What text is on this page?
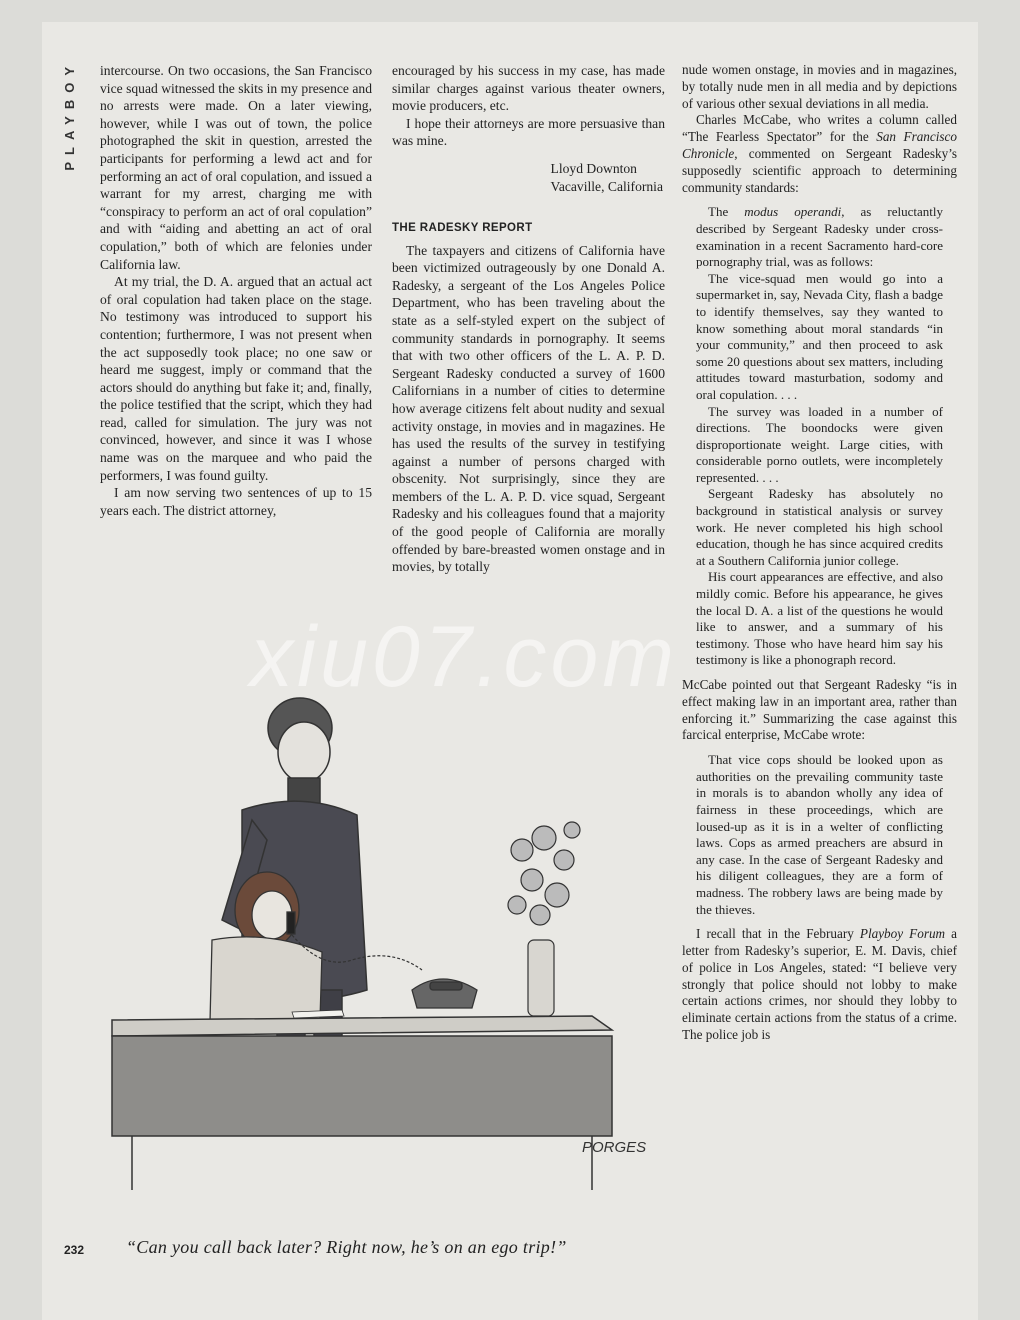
PLAYBOY	intercourse. On two occasions, the San Francisco vice squad witnessed the skits in my presence and no arrests were made. On a later viewing, however, while I was out of town, the police photographed the skit in question, arrested the participants for performing a lewd act and for performing an act of oral copulation, and issued a warrant for my arrest, charging me with “conspiracy to perform an act of oral copulation” and with “aiding and abetting an act of oral copulation,” both of which are felonies under California law.

At my trial, the D. A. argued that an actual act of oral copulation had taken place on the stage. No testimony was introduced to support his contention; furthermore, I was not present when the act supposedly took place; no one saw or heard me suggest, imply or command that the actors should do anything but fake it; and, finally, the police testified that the script, which they had read, called for simulation. The jury was not convinced, however, and since it was I whose name was on the marquee and who paid the performers, I was found guilty.

I am now serving two sentences of up to 15 years each. The district attorney,

encouraged by his success in my case, has made similar charges against various theater owners, movie producers, etc.

I hope their attorneys are more persuasive than was mine.

Lloyd Downton
Vacaville, California
THE RADESKY REPORT

The taxpayers and citizens of California have been victimized outrageously by one Donald A. Radesky, a sergeant of the Los Angeles Police Department, who has been traveling about the state as a self-styled expert on the subject of community standards in pornography. It seems that with two other officers of the L. A. P. D. Sergeant Radesky conducted a survey of 1600 Californians in a number of cities to determine how average citizens felt about nudity and sexual activity onstage, in movies and in magazines. He has used the results of the survey in testifying against a number of persons charged with obscenity. Not surprisingly, since they are members of the L. A. P. D. vice squad, Sergeant Radesky and his colleagues found that a majority of the good people of California are morally offended by bare-breasted women onstage and in movies, by totally

nude women onstage, in movies and in magazines, by totally nude men in all media and by depictions of various other sexual deviations in all media.

Charles McCabe, who writes a column called “The Fearless Spectator” for the San Francisco Chronicle, commented on Sergeant Radesky’s supposedly scientific approach to determining community standards:

The modus operandi, as reluctantly described by Sergeant Radesky under cross-examination in a recent Sacramento hard-core pornography trial, was as follows:

The vice-squad men would go into a supermarket in, say, Nevada City, flash a badge to identify themselves, say they wanted to know something about moral standards “in your community,” and then proceed to ask some 20 questions about sex matters, including attitudes toward masturbation, sodomy and oral copulation. . . .

The survey was loaded in a number of directions. The boondocks were given disproportionate weight. Large cities, with considerable porno outlets, were incompletely represented. . . .

Sergeant Radesky has absolutely no background in statistical analysis or survey work. He never completed his high school education, though he has since acquired credits at a Southern California junior college.

His court appearances are effective, and also mildly comic. Before his appearance, he gives the local D. A. a list of the questions he would like to answer, and a summary of his testimony. Those who have heard him say his testimony is like a phonograph record.

McCabe pointed out that Sergeant Radesky “is in effect making law in an important area, rather than enforcing it.” Summarizing the case against this farcical enterprise, McCabe wrote:

That vice cops should be looked upon as authorities on the prevailing community taste in morals is to abandon wholly any idea of fairness in these proceedings, which are loused-up as it is in a welter of conflicting laws. Cops as armed preachers are absurd in any case. In the case of Sergeant Radesky and his diligent colleagues, they are a form of madness. The robbery laws are being made by the thieves.

I recall that in the February Playboy Forum a letter from Radesky’s superior, E. M. Davis, chief of police in Los Angeles, stated: “I believe very strongly that police should not lobby to make certain actions crimes, nor should they lobby to eliminate certain actions from the status of a crime. The police job is

PORGES
“Can you call back later? Right now, he’s on an ego trip!”
232
xiu07.com
